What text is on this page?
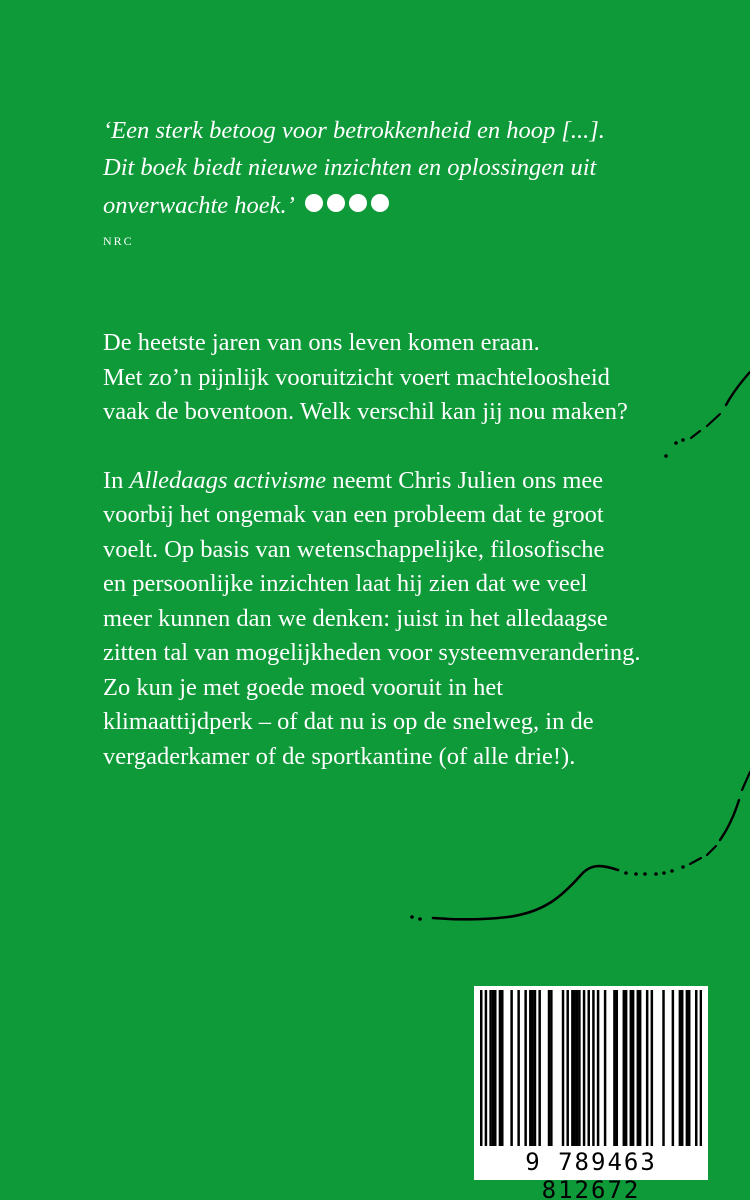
‘Een sterk betoog voor betrokkenheid en hoop [...].

Dit boek biedt nieuwe inzichten en oplossingen uit

onverwachte hoek.’

NRC

De heetste jaren van ons leven komen eraan.

Met zo’n pijnlijk vooruitzicht voert machteloosheid

vaak de boventoon. Welk verschil kan jij nou maken?

In Alledaags activisme neemt Chris Julien ons mee

voorbij het ongemak van een probleem dat te groot

voelt. Op basis van wetenschappelijke, filosofische

en persoonlijke inzichten laat hij zien dat we veel

meer kunnen dan we denken: juist in het alledaagse

zitten tal van mogelijkheden voor systeemverandering.

Zo kun je met goede moed vooruit in het

klimaattijdperk – of dat nu is op de snelweg, in de

vergaderkamer of de sportkantine (of alle drie!).

9 789463 812672
